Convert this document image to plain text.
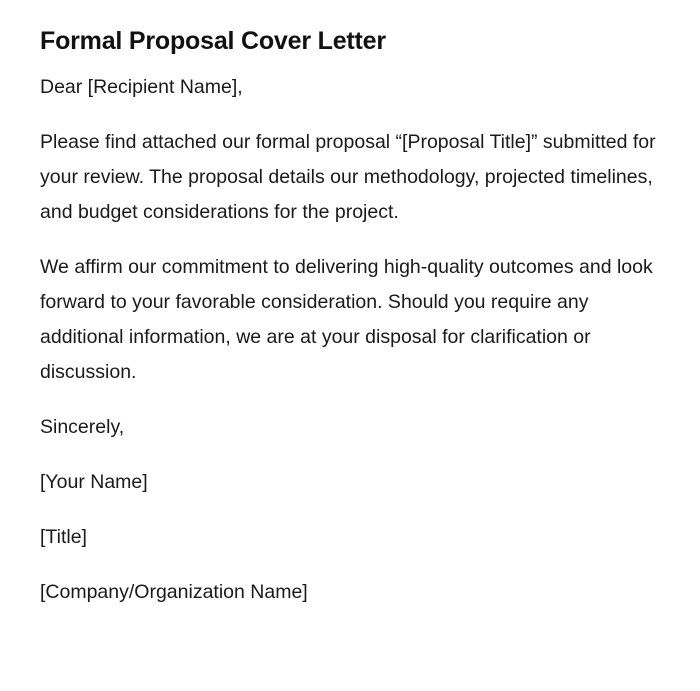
Formal Proposal Cover Letter
Dear [Recipient Name],
Please find attached our formal proposal “[Proposal Title]” submitted for your review. The proposal details our methodology, projected timelines, and budget considerations for the project.
We affirm our commitment to delivering high-quality outcomes and look forward to your favorable consideration. Should you require any additional information, we are at your disposal for clarification or discussion.
Sincerely,
[Your Name]
[Title]
[Company/Organization Name]
